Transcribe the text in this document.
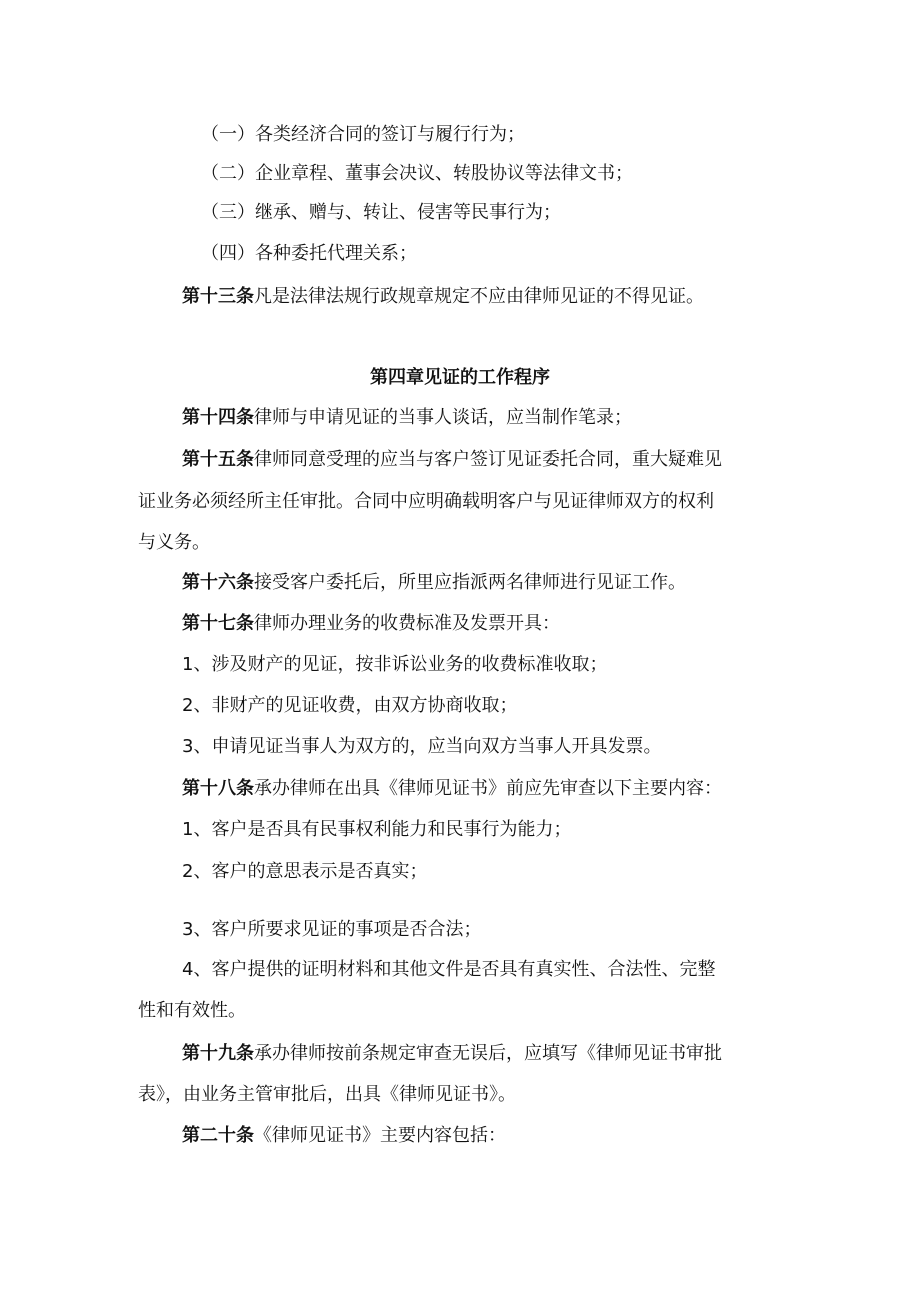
（一）各类经济合同的签订与履行行为；
（二）企业章程、董事会决议、转股协议等法律文书；
（三）继承、赠与、转让、侵害等民事行为；
（四）各种委托代理关系；
第十三条凡是法律法规行政规章规定不应由律师见证的不得见证。
第四章见证的工作程序
第十四条律师与申请见证的当事人谈话，应当制作笔录；
第十五条律师同意受理的应当与客户签订见证委托合同，重大疑难见
证业务必须经所主任审批。合同中应明确载明客户与见证律师双方的权利
与义务。
第十六条接受客户委托后，所里应指派两名律师进行见证工作。
第十七条律师办理业务的收费标准及发票开具：
1、涉及财产的见证，按非诉讼业务的收费标准收取；
2、非财产的见证收费，由双方协商收取；
3、申请见证当事人为双方的，应当向双方当事人开具发票。
第十八条承办律师在出具《律师见证书》前应先审查以下主要内容：
1、客户是否具有民事权利能力和民事行为能力；
2、客户的意思表示是否真实；
3、客户所要求见证的事项是否合法；
4、客户提供的证明材料和其他文件是否具有真实性、合法性、完整
性和有效性。
第十九条承办律师按前条规定审查无误后，应填写《律师见证书审批
表》，由业务主管审批后，出具《律师见证书》。
第二十条《律师见证书》主要内容包括：
